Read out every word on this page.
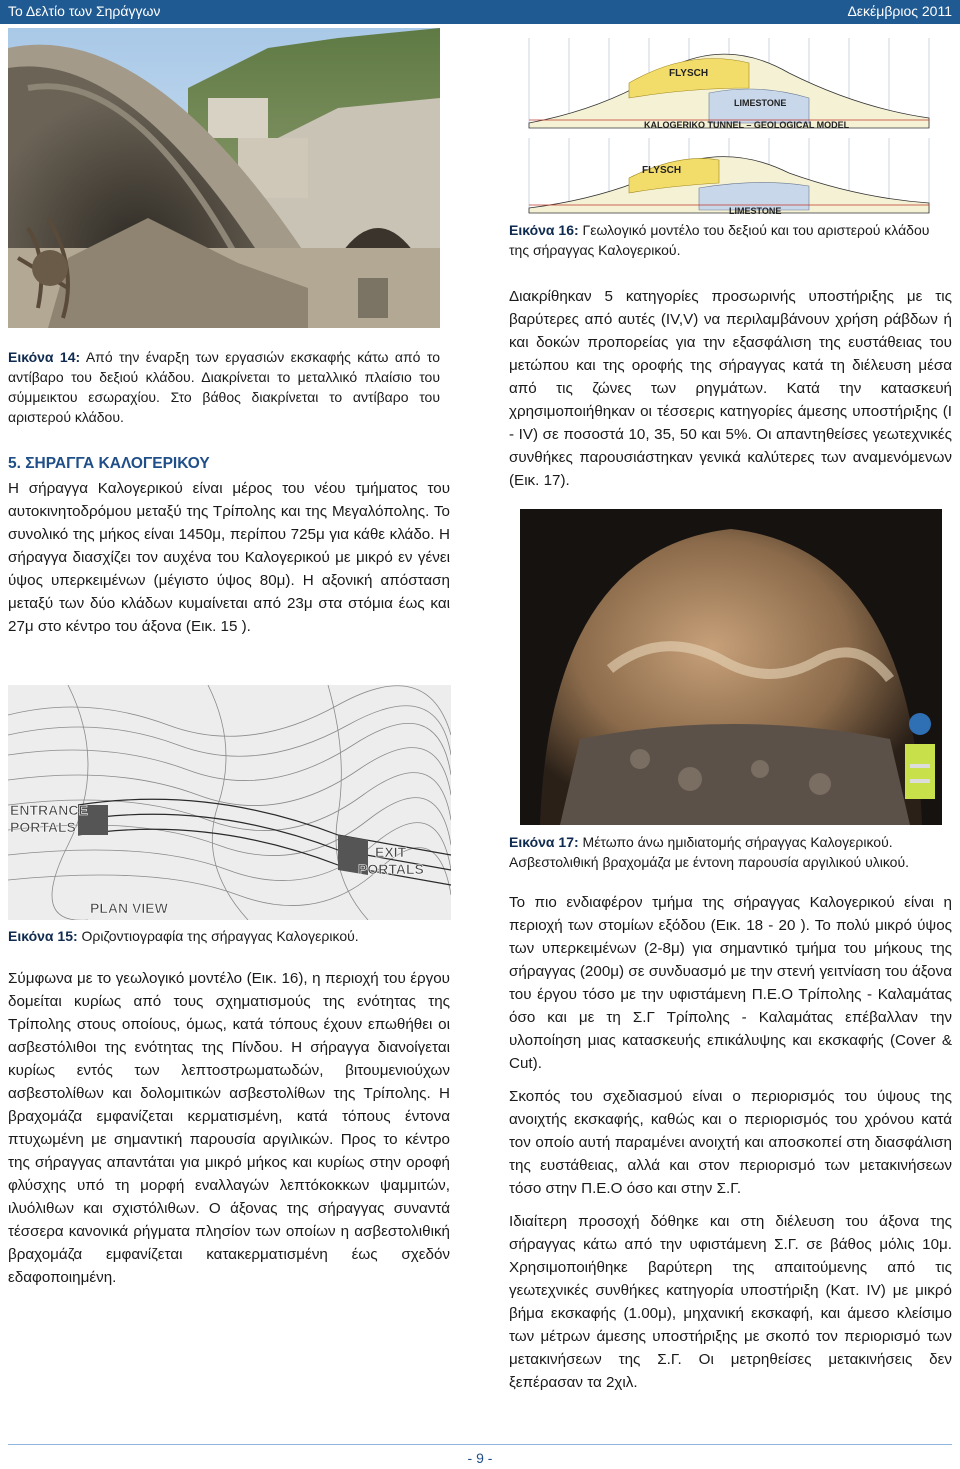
Το Δελτίο των Σηράγγων	Δεκέμβριος 2011
Εικόνα 14: Από την έναρξη των εργασιών εκσκαφής κάτω από το αντίβαρο του δεξιού κλάδου. Διακρίνεται το μεταλλικό πλαίσιο του σύμμεικτου εσωραχίου. Στο βάθος διακρίνεται το αντίβαρο του αριστερού κλάδου.
5. ΣΗΡΑΓΓΑ ΚΑΛΟΓΕΡΙΚΟΥ

Η σήραγγα Καλογερικού είναι μέρος του νέου τμήματος του αυτοκινητοδρόμου μεταξύ της Τρίπολης και της Μεγαλόπολης. Το συνολικό της μήκος είναι 1450μ, περίπου 725μ για κάθε κλάδο. Η σήραγγα διασχίζει τον αυχένα του Καλογερικού με μικρό εν γένει ύψος υπερκειμένων (μέγιστο ύψος 80μ). Η αξονική απόσταση μεταξύ των δύο κλάδων κυμαίνεται από 23μ στα στόμια έως και 27μ στο κέντρο του άξονα (Εικ. 15 ).

ENTRANCE
PORTALS
EXIT
PORTALS
PLAN VIEW
Εικόνα 15: Οριζοντιογραφία της σήραγγας Καλογερικού.

Σύμφωνα με το γεωλογικό μοντέλο (Εικ. 16), η περιοχή του έργου δομείται κυρίως από τους σχηματισμούς της ενότητας της Τρίπολης στους οποίους, όμως, κατά τόπους έχουν επωθήθει οι ασβεστόλιθοι της ενότητας της Πίνδου. Η σήραγγα διανοίγεται κυρίως εντός των λεπτοστρωματωδών, βιτουμενιούχων ασβεστολίθων και δολομιτικών ασβεστολίθων της Τρίπολης. Η βραχομάζα εμφανίζεται κερματισμένη, κατά τόπους έντονα πτυχωμένη με σημαντική παρουσία αργιλικών. Προς το κέντρο της σήραγγας απαντάται για μικρό μήκος και κυρίως στην οροφή φλύσχης υπό τη μορφή εναλλαγών λεπτόκοκκων ψαμμιτών, ιλυόλιθων και σχιστόλιθων. Ο άξονας της σήραγγας συναντά τέσσερα κανονικά ρήγματα πλησίον των οποίων η ασβεστολιθική βραχομάζα εμφανίζεται κατακερματισμένη έως σχεδόν εδαφοποιημένη.

FLYSCH
LIMESTONE
KALOGERIKO TUNNEL – GEOLOGICAL MODEL
FLYSCH
LIMESTONE
Εικόνα 16: Γεωλογικό μοντέλο του δεξιού και του αριστερού κλάδου της σήραγγας Καλογερικού.

Διακρίθηκαν 5 κατηγορίες προσωρινής υποστήριξης με τις βαρύτερες από αυτές (IV,V) να περιλαμβάνουν χρήση ράβδων ή και δοκών προπορείας για την εξασφάλιση της ευστάθειας του μετώπου και της οροφής της σήραγγας κατά τη διέλευση μέσα από τις ζώνες των ρηγμάτων. Κατά την κατασκευή χρησιμοποιήθηκαν οι τέσσερις κατηγορίες άμεσης υποστήριξης (I - IV) σε ποσοστά 10, 35, 50 και 5%. Οι απαντηθείσες γεωτεχνικές συνθήκες παρουσιάστηκαν γενικά καλύτερες των αναμενόμενων (Εικ. 17).

Εικόνα 17: Μέτωπο άνω ημιδιατομής σήραγγας Καλογερικού. Ασβεστολιθική βραχομάζα με έντονη παρουσία αργιλικού υλικού.

Το πιο ενδιαφέρον τμήμα της σήραγγας Καλογερικού είναι η περιοχή των στομίων εξόδου (Εικ. 18 - 20 ). Το πολύ μικρό ύψος των υπερκειμένων (2-8μ) για σημαντικό τμήμα του μήκους της σήραγγας (200μ) σε συνδυασμό με την στενή γειτνίαση του άξονα του έργου τόσο με την υφιστάμενη Π.Ε.Ο Τρίπολης - Καλαμάτας όσο και με τη Σ.Γ Τρίπολης - Καλαμάτας επέβαλλαν την υλοποίηση μιας κατασκευής επικάλυψης και εκσκαφής (Cover & Cut).

Σκοπός του σχεδιασμού είναι ο περιορισμός του ύψους της ανοιχτής εκσκαφής, καθώς και ο περιορισμός του χρόνου κατά τον οποίο αυτή παραμένει ανοιχτή και αποσκοπεί στη διασφάλιση της ευστάθειας, αλλά και στον περιορισμό των μετακινήσεων τόσο στην Π.Ε.Ο όσο και στην Σ.Γ.

Ιδιαίτερη προσοχή δόθηκε και στη διέλευση του άξονα της σήραγγας κάτω από την υφιστάμενη Σ.Γ. σε βάθος μόλις 10μ. Χρησιμοποιήθηκε βαρύτερη της απαιτούμενης από τις γεωτεχνικές συνθήκες κατηγορία υποστήριξη (Κατ. IV) με μικρό βήμα εκσκαφής (1.00μ), μηχανική εκσκαφή, και άμεσο κλείσιμο των μέτρων άμεσης υποστήριξης με σκοπό τον περιορισμό των μετακινήσεων της Σ.Γ. Οι μετρηθείσες μετακινήσεις δεν ξεπέρασαν τα 2χιλ.

- 9 -
